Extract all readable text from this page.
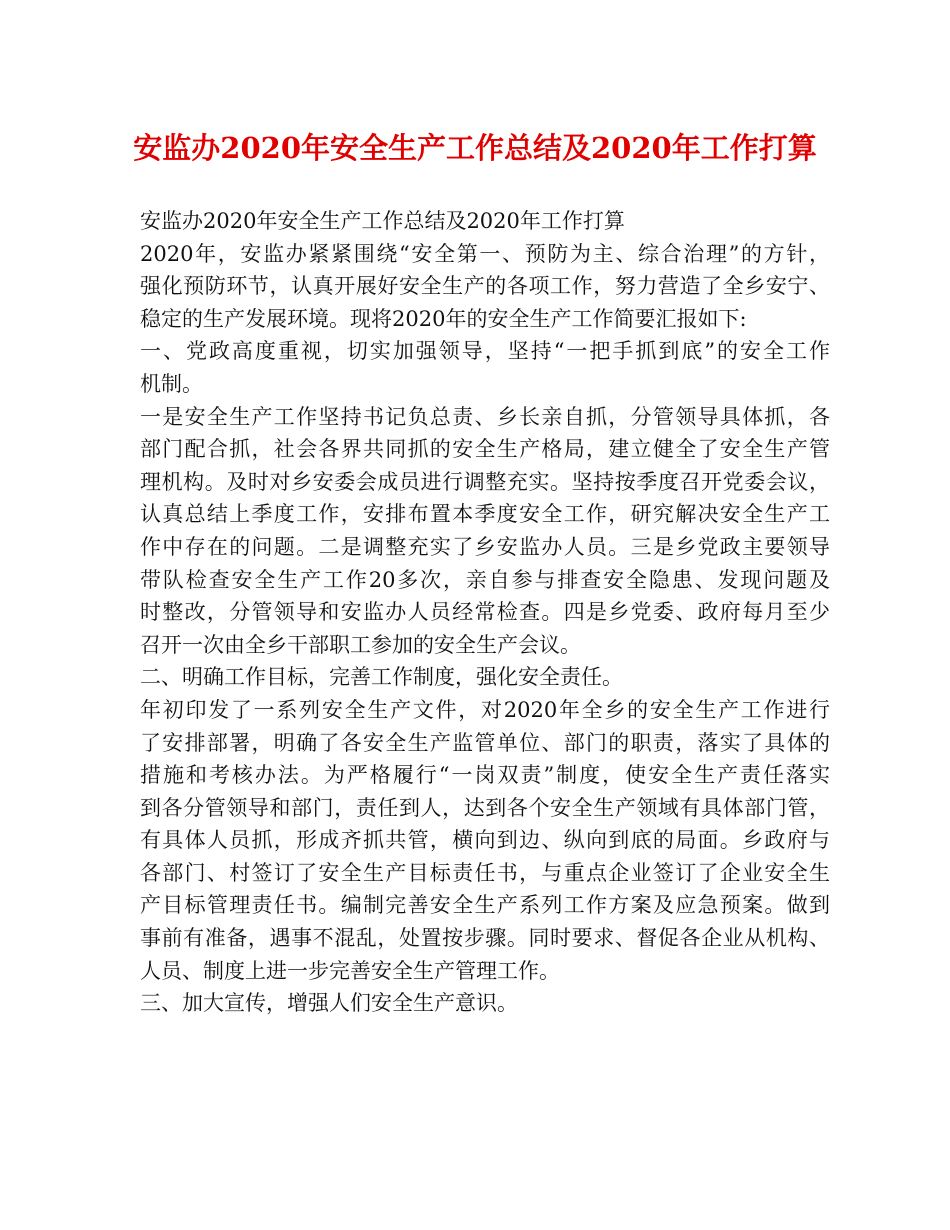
安监办2020年安全生产工作总结及2020年工作打算
安监办2020年安全生产工作总结及2020年工作打算
2020年，安监办紧紧围绕“安全第一、预防为主、综合治理”的方针，
强化预防环节，认真开展好安全生产的各项工作，努力营造了全乡安宁、
稳定的生产发展环境。现将2020年的安全生产工作简要汇报如下:
一、党政高度重视，切实加强领导，坚持“一把手抓到底”的安全工作
机制。
一是安全生产工作坚持书记负总责、乡长亲自抓，分管领导具体抓，各
部门配合抓，社会各界共同抓的安全生产格局，建立健全了安全生产管
理机构。及时对乡安委会成员进行调整充实。坚持按季度召开党委会议，
认真总结上季度工作，安排布置本季度安全工作，研究解决安全生产工
作中存在的问题。二是调整充实了乡安监办人员。三是乡党政主要领导
带队检查安全生产工作20多次，亲自参与排查安全隐患、发现问题及
时整改，分管领导和安监办人员经常检查。四是乡党委、政府每月至少
召开一次由全乡干部职工参加的安全生产会议。
二、明确工作目标，完善工作制度，强化安全责任。
年初印发了一系列安全生产文件，对2020年全乡的安全生产工作进行
了安排部署，明确了各安全生产监管单位、部门的职责，落实了具体的
措施和考核办法。为严格履行“一岗双责”制度，使安全生产责任落实
到各分管领导和部门，责任到人，达到各个安全生产领域有具体部门管，
有具体人员抓，形成齐抓共管，横向到边、纵向到底的局面。乡政府与
各部门、村签订了安全生产目标责任书，与重点企业签订了企业安全生
产目标管理责任书。编制完善安全生产系列工作方案及应急预案。做到
事前有准备，遇事不混乱，处置按步骤。同时要求、督促各企业从机构、
人员、制度上进一步完善安全生产管理工作。
三、加大宣传，增强人们安全生产意识。
